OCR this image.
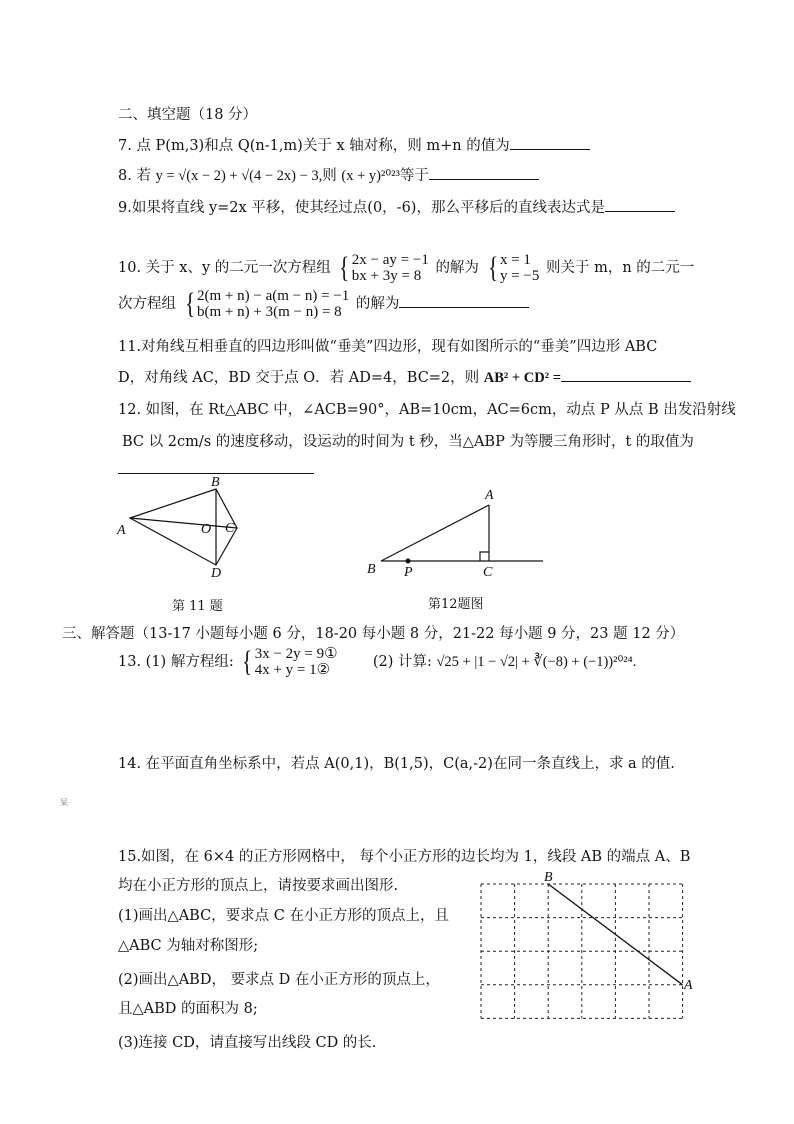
二、填空题（18 分）
7. 点 P(m,3)和点 Q(n-1,m)关于 x 轴对称，则 m+n 的值为
8. 若 y = √(x − 2) + √(4 − 2x) − 3,则 (x + y)²⁰²³等于
9.如果将直线 y=2x 平移，使其经过点(0，-6)，那么平移后的直线表达式是
10. 关于 x、y 的二元一次方程组 { 2x − ay = −1
bx + 3y = 8 的解为 { x = 1
y = −5 则关于 m，n 的二元一
次方程组 { 2(m + n) − a(m − n) = −1
b(m + n) + 3(m − n) = 8 的解为
11.对角线互相垂直的四边形叫做“垂美”四边形，现有如图所示的“垂美”四边形 ABC
D，对角线 AC，BD 交于点 O．若 AD=4，BC=2，则 AB² + CD² =
12. 如图，在 Rt△ABC 中，∠ACB=90°，AB=10cm，AC=6cm，动点 P 从点 B 出发沿射线
BC 以 2cm/s 的速度移动，设运动的时间为 t 秒，当△ABP 为等腰三角形时，t 的取值为
A
B
O C
D
第 11 题
A
B P	C
第12题图
三、解答题（13-17 小题每小题 6 分，18-20 每小题 8 分，21-22 每小题 9 分，23 题 12 分）
13. (1) 解方程组: { 3x − 2y = 9①
4x + y = 1②	(2) 计算: √25 + |1 − √2| + ∛(−8) + (−1))²⁰²⁴.
14. 在平面直角坐标系中，若点 A(0,1)，B(1,5)，C(a,-2)在同一条直线上，求 a 的值.
呆
15.如图，在 6×4 的正方形网格中， 每个小正方形的边长均为 1，线段 AB 的端点 A、B
均在小正方形的顶点上，请按要求画出图形.
(1)画出△ABC，要求点 C 在小正方形的顶点上，且
△ABC 为轴对称图形;
(2)画出△ABD， 要求点 D 在小正方形的顶点上，
且△ABD 的面积为 8;
(3)连接 CD，请直接写出线段 CD 的长.
B
A
